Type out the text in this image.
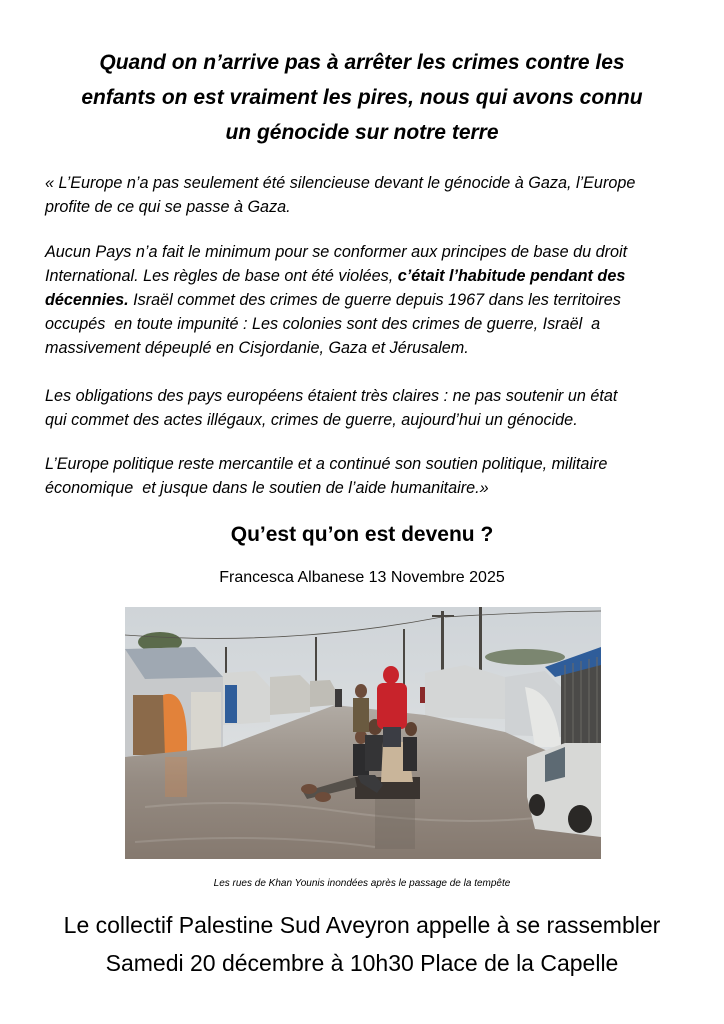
Quand on n’arrive pas à arrêter les crimes contre les
enfants on est vraiment les pires, nous qui avons connu
un génocide sur notre terre
« L’Europe n’a pas seulement été silencieuse devant le génocide à Gaza, l’Europe
profite de ce qui se passe à Gaza.
Aucun Pays n’a fait le minimum pour se conformer aux principes de base du droit
International. Les règles de base ont été violées, c’était l’habitude pendant des
décennies. Israël commet des crimes de guerre depuis 1967 dans les territoires
occupés  en toute impunité : Les colonies sont des crimes de guerre, Israël  a
massivement dépeuplé en Cisjordanie, Gaza et Jérusalem.
Les obligations des pays européens étaient très claires : ne pas soutenir un état
qui commet des actes illégaux, crimes de guerre, aujourd’hui un génocide.
L’Europe politique reste mercantile et a continué son soutien politique, militaire
économique  et jusque dans le soutien de l’aide humanitaire.»
Qu’est qu’on est devenu ?
Francesca Albanese 13 Novembre 2025
Les rues de Khan Younis inondées après le passage de la tempête
Le collectif Palestine Sud Aveyron appelle à se rassembler
Samedi 20 décembre à 10h30 Place de la Capelle
